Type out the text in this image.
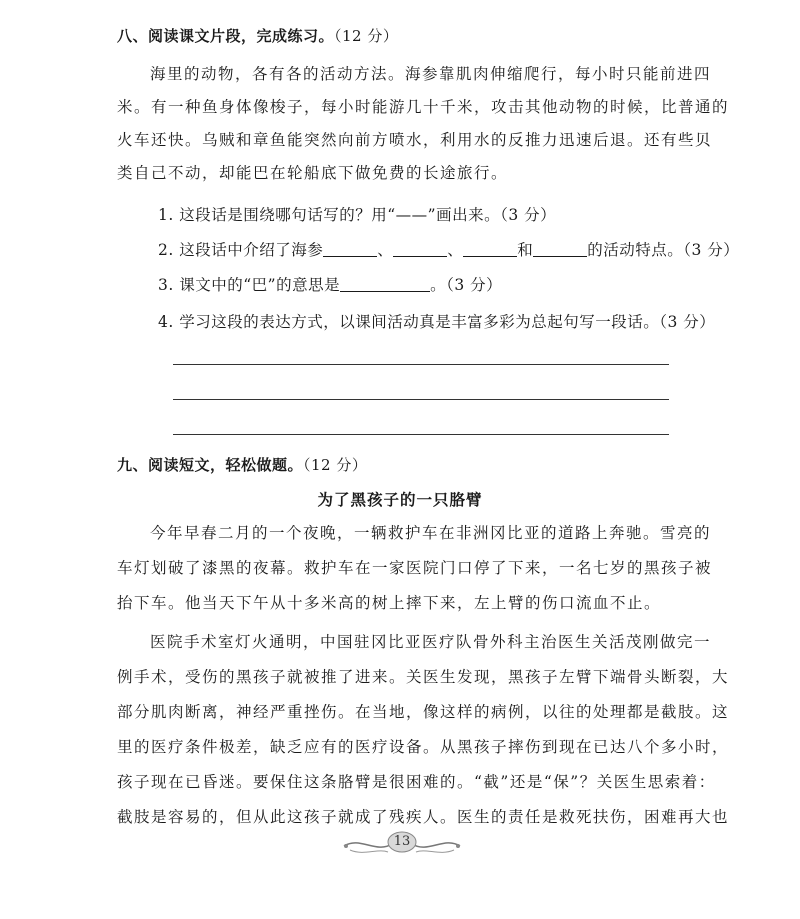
八、阅读课文片段，完成练习。（12 分）
海里的动物，各有各的活动方法。海参靠肌肉伸缩爬行，每小时只能前进四
米。有一种鱼身体像梭子，每小时能游几十千米，攻击其他动物的时候，比普通的
火车还快。乌贼和章鱼能突然向前方喷水，利用水的反推力迅速后退。还有些贝
类自己不动，却能巴在轮船底下做免费的长途旅行。
1. 这段话是围绕哪句话写的？用“——”画出来。（3 分）
2. 这段话中介绍了海参	、	、	和	的活动特点。（3 分）
3. 课文中的“巴”的意思是	。（3 分）
4. 学习这段的表达方式，以课间活动真是丰富多彩为总起句写一段话。（3 分）
九、阅读短文，轻松做题。（12 分）
为了黑孩子的一只胳臂
今年早春二月的一个夜晚，一辆救护车在非洲冈比亚的道路上奔驰。雪亮的
车灯划破了漆黑的夜幕。救护车在一家医院门口停了下来，一名七岁的黑孩子被
抬下车。他当天下午从十多米高的树上摔下来，左上臂的伤口流血不止。
医院手术室灯火通明，中国驻冈比亚医疗队骨外科主治医生关活茂刚做完一
例手术，受伤的黑孩子就被推了进来。关医生发现，黑孩子左臂下端骨头断裂，大
部分肌肉断离，神经严重挫伤。在当地，像这样的病例，以往的处理都是截肢。这
里的医疗条件极差，缺乏应有的医疗设备。从黑孩子摔伤到现在已达八个多小时，
孩子现在已昏迷。要保住这条胳臂是很困难的。“截”还是“保”？关医生思索着：
截肢是容易的，但从此这孩子就成了残疾人。医生的责任是救死扶伤，困难再大也
13
